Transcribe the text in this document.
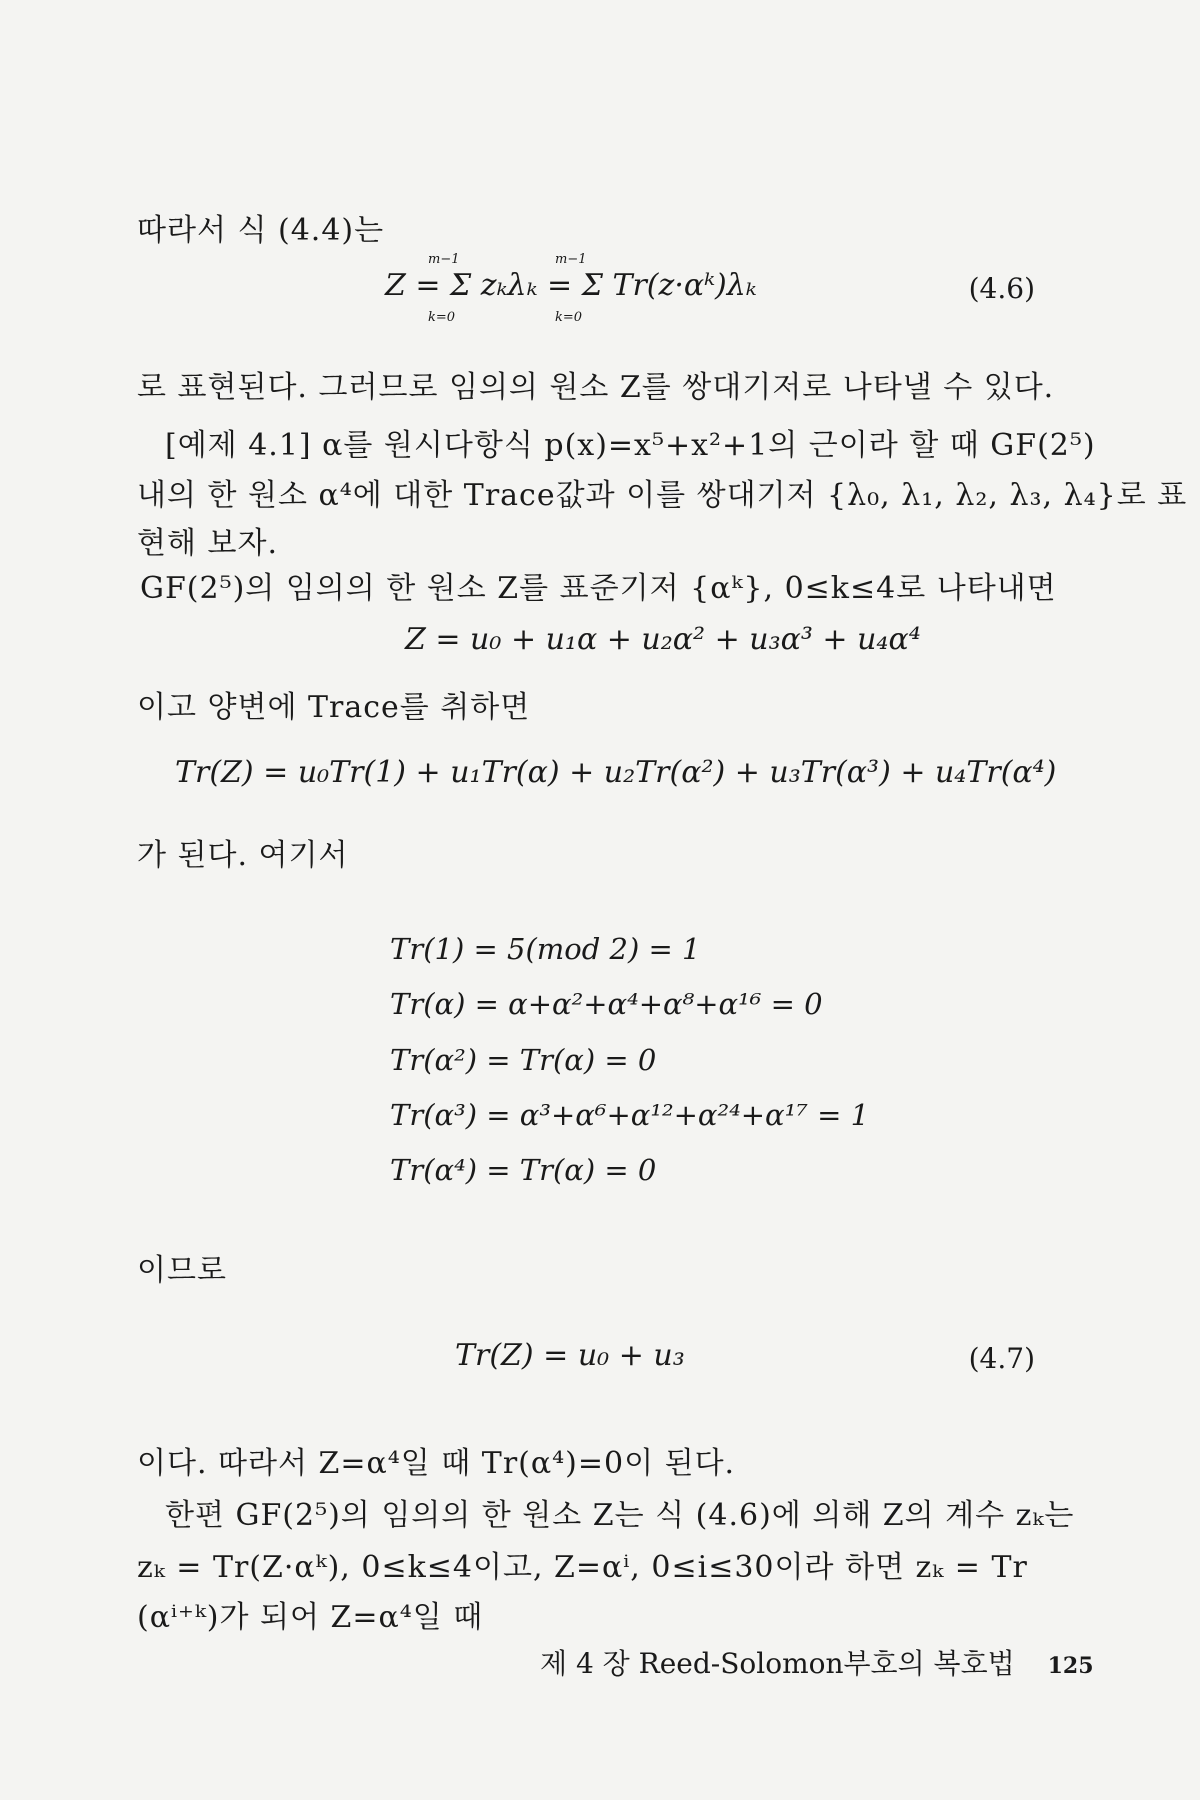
따라서 식 (4.4)는
Z = Σ zₖλₖ = Σ Tr(z·αᵏ)λₖ	(4.6)
m−1
k=0
m−1
k=0
로 표현된다. 그러므로 임의의 원소 Z를 쌍대기저로 나타낼 수 있다.
[예제 4.1] α를 원시다항식 p(x)=x⁵+x²+1의 근이라 할 때 GF(2⁵)
내의 한 원소 α⁴에 대한 Trace값과 이를 쌍대기저 {λ₀, λ₁, λ₂, λ₃, λ₄}로 표
현해 보자.
GF(2⁵)의 임의의 한 원소 Z를 표준기저 {αᵏ}, 0≤k≤4로 나타내면
Z = u₀ + u₁α + u₂α² + u₃α³ + u₄α⁴
이고 양변에 Trace를 취하면
Tr(Z) = u₀Tr(1) + u₁Tr(α) + u₂Tr(α²) + u₃Tr(α³) + u₄Tr(α⁴)
가 된다. 여기서
Tr(1) = 5(mod 2) = 1
Tr(α) = α+α²+α⁴+α⁸+α¹⁶ = 0
Tr(α²) = Tr(α) = 0
Tr(α³) = α³+α⁶+α¹²+α²⁴+α¹⁷ = 1
Tr(α⁴) = Tr(α) = 0
이므로
Tr(Z) = u₀ + u₃	(4.7)
이다. 따라서 Z=α⁴일 때 Tr(α⁴)=0이 된다.
한편 GF(2⁵)의 임의의 한 원소 Z는 식 (4.6)에 의해 Z의 계수 zₖ는
zₖ = Tr(Z·αᵏ), 0≤k≤4이고, Z=αⁱ, 0≤i≤30이라 하면 zₖ = Tr
(αⁱ⁺ᵏ)가 되어 Z=α⁴일 때
제 4 장 Reed-Solomon부호의 복호법 125
